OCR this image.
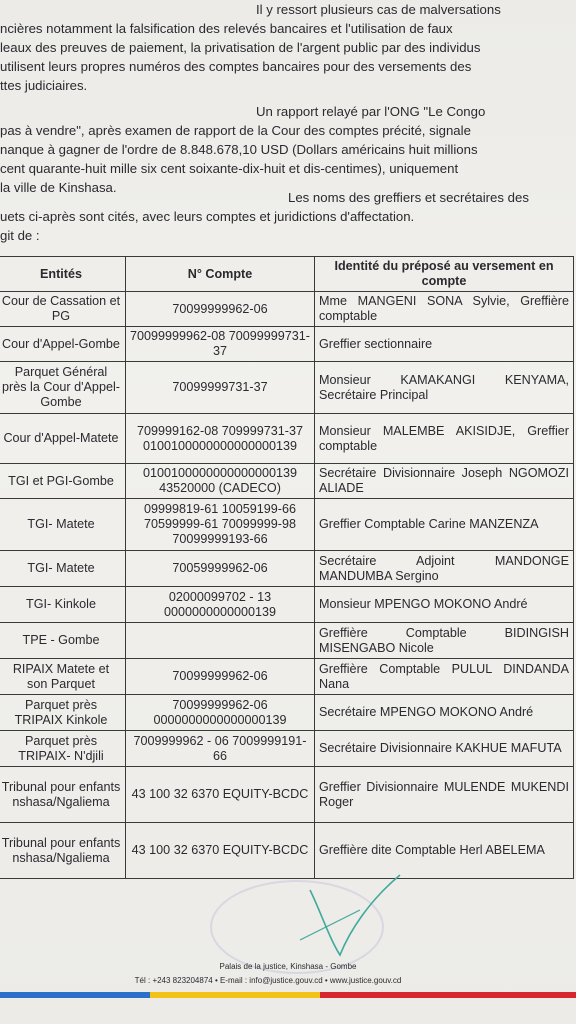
Il y ressort plusieurs cas de malversations
ncières notamment la falsification des relevés bancaires et l'utilisation de faux
leaux des preuves de paiement, la privatisation de l'argent public par des individus
utilisent leurs propres numéros des comptes bancaires pour des versements des
ttes judiciaires.
Un rapport relayé par l'ONG "Le Congo
pas à vendre", après examen de rapport de la Cour des comptes précité, signale
nanque à gagner de l'ordre de 8.848.678,10 USD (Dollars américains huit millions
cent quarante-huit mille six cent soixante-dix-huit et dis-centimes), uniquement
la ville de Kinshasa.
Les noms des greffiers et secrétaires des
uets ci-après sont cités, avec leurs comptes et juridictions d'affectation.
git de :
Entités	N° Compte	Identité du préposé au versement en compte
Cour de Cassation et PG	70099999962-06	Mme MANGENI SONA Sylvie, Greffière comptable
Cour d'Appel-Gombe	70099999962-08 70099999731-37	Greffier sectionnaire
Parquet Général près la Cour d'Appel-Gombe	70099999731-37	Monsieur KAMAKANGI KENYAMA, Secrétaire Principal
Cour d'Appel-Matete	709999162-08 709999731-37 0100100000000000000139	Monsieur MALEMBE AKISIDJE, Greffier comptable
TGI et PGI-Gombe	0100100000000000000139 43520000 (CADECO)	Secrétaire Divisionnaire Joseph NGOMOZI ALIADE
TGI- Matete	09999819-61 10059199-66 70599999-61 70099999-98 70099999193-66	Greffier Comptable Carine MANZENZA
TGI- Matete	70059999962-06	Secrétaire Adjoint MANDONGE MANDUMBA Sergino
TGI- Kinkole	02000099702 - 13 0000000000000139	Monsieur MPENGO MOKONO André
TPE - Gombe		Greffière Comptable BIDINGISH MISENGABO Nicole
RIPAIX Matete et son Parquet	70099999962-06	Greffière Comptable PULUL DINDANDA Nana
Parquet près TRIPAIX Kinkole	70099999962-06 0000000000000000139	Secrétaire MPENGO MOKONO André
Parquet près TRIPAIX- N'djili	7009999962 - 06 7009999191-66	Secrétaire Divisionnaire KAKHUE MAFUTA
Tribunal pour enfants nshasa/Ngaliema	43 100 32 6370 EQUITY-BCDC	Greffier Divisionnaire MULENDE MUKENDI Roger
Tribunal pour enfants nshasa/Ngaliema	43 100 32 6370 EQUITY-BCDC	Greffière dite Comptable Herl ABELEMA
Palais de la justice, Kinshasa - Gombe
Tél : +243 823204874 • E-mail : info@justice.gouv.cd • www.justice.gouv.cd
